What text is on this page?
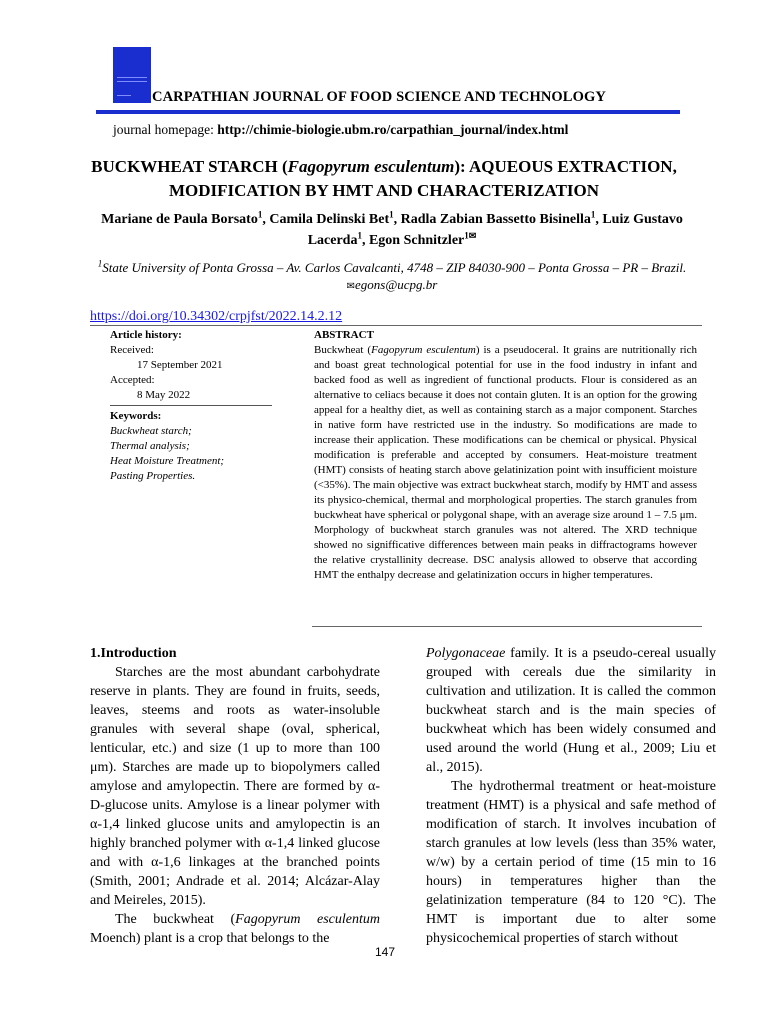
CARPATHIAN JOURNAL OF FOOD SCIENCE AND TECHNOLOGY
journal homepage: http://chimie-biologie.ubm.ro/carpathian_journal/index.html
BUCKWHEAT STARCH (Fagopyrum esculentum): AQUEOUS EXTRACTION, MODIFICATION BY HMT AND CHARACTERIZATION
Mariane de Paula Borsato$^1$, Camila Delinski Bet$^1$, Radla Zabian Bassetto Bisinella$^1$, Luiz Gustavo Lacerda$^1$, Egon Schnitzler$^{1✉}$
$^1$State University of Ponta Grossa – Av. Carlos Cavalcanti, 4748 – ZIP 84030-900 – Ponta Grossa – PR – Brazil.
✉egons@ucpg.br
https://doi.org/10.34302/crpjfst/2022.14.2.12
Article history:
Received:
17 September 2021
Accepted:
8 May 2022
Keywords:
Buckwheat starch;
Thermal analysis;
Heat Moisture Treatment;
Pasting Properties.
ABSTRACT
Buckwheat (Fagopyrum esculentum) is a pseudoceral. It grains are nutritionally rich and boast great technological potential for use in the food industry in infant and backed food as well as ingredient of functional products. Flour is considered as an alternative to celiacs because it does not contain gluten. It is an option for the growing appeal for a healthy diet, as well as containing starch as a major component. Starches in native form have restricted use in the industry. So modifications are made to increase their application. These modifications can be chemical or physical. Physical modification is preferable and accepted by consumers. Heat-moisture treatment (HMT) consists of heating starch above gelatinization point with insufficient moisture (<35%). The main objective was extract buckwheat starch, modify by HMT and assess its physico-chemical, thermal and morphological properties. The starch granules from buckwheat have spherical or polygonal shape, with an average size around 1 – 7.5 μm. Morphology of buckwheat starch granules was not altered. The XRD technique showed no signifficative differences between main peaks in diffractograms however the relative crystallinity decrease. DSC analysis allowed to observe that according HMT the enthalpy decrease and gelatinization occurs in higher temperatures.

1.Introduction

Starches are the most abundant carbohydrate reserve in plants. They are found in fruits, seeds, leaves, steems and roots as water-insoluble granules with several shape (oval, spherical, lenticular, etc.) and size (1 up to more than 100 μm). Starches are made up to biopolymers called amylose and amylopectin. There are formed by α-D-glucose units. Amylose is a linear polymer with α-1,4 linked glucose units and amylopectin is an highly branched polymer with α-1,4 linked glucose and with α-1,6 linkages at the branched points (Smith, 2001; Andrade et al. 2014; Alcázar-Alay and Meireles, 2015).

The buckwheat (Fagopyrum esculentum Moench) plant is a crop that belongs to the

Polygonaceae family. It is a pseudo-cereal usually grouped with cereals due the similarity in cultivation and utilization. It is called the common buckwheat starch and is the main species of buckwheat which has been widely consumed and used around the world (Hung et al., 2009; Liu et al., 2015).

The hydrothermal treatment or heat-moisture treatment (HMT) is a physical and safe method of modification of starch. It involves incubation of starch granules at low levels (less than 35% water, w/w) by a certain period of time (15 min to 16 hours) in temperatures higher than the gelatinization temperature (84 to 120 °C). The HMT is important due to alter some physicochemical properties of starch without

147
